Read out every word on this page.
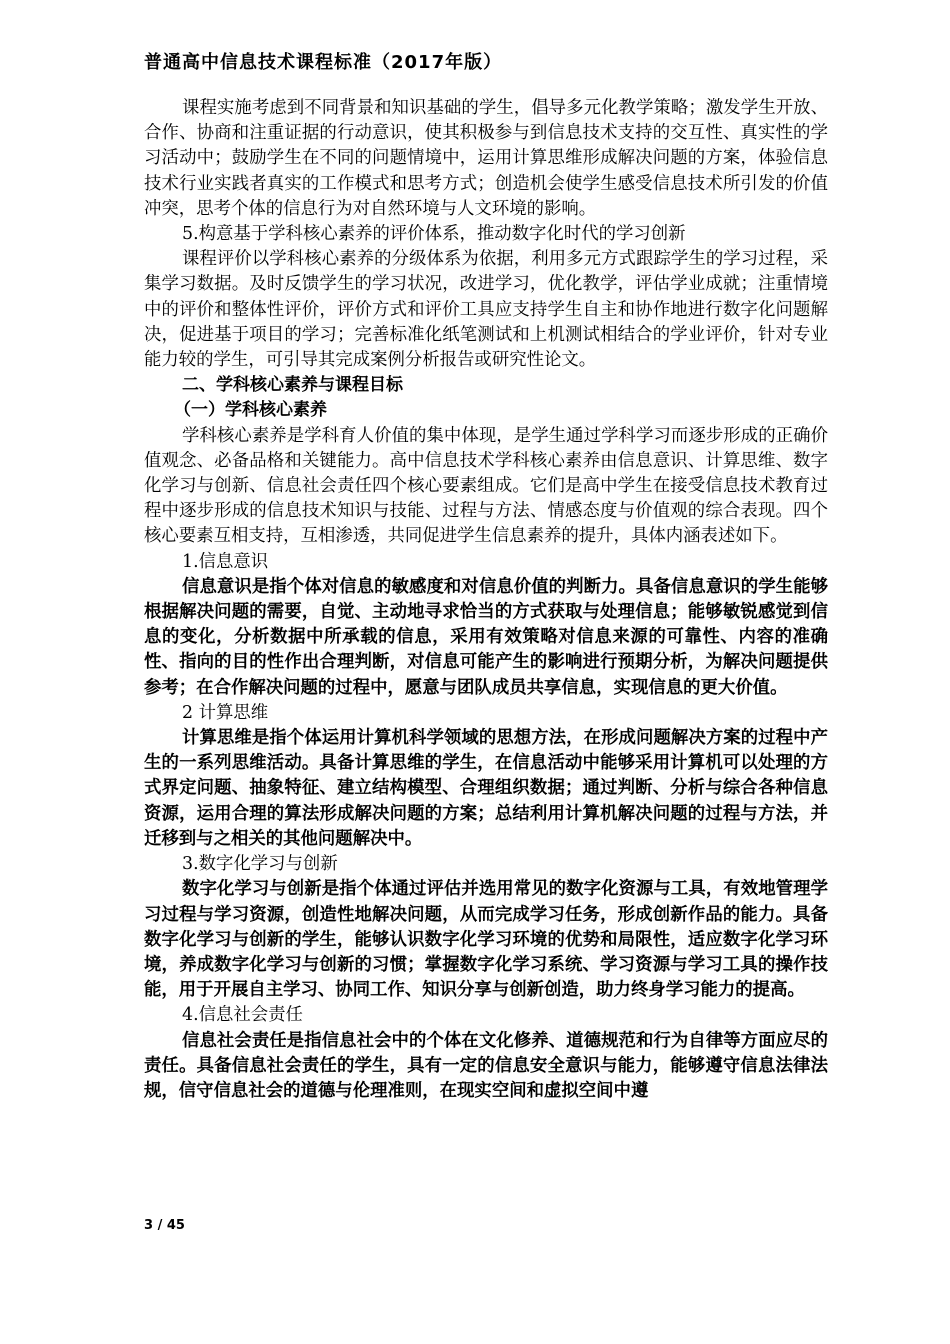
普通高中信息技术课程标准（2017年版）

课程实施考虑到不同背景和知识基础的学生，倡导多元化教学策略；激发学生开放、合作、协商和注重证据的行动意识，使其积极参与到信息技术支持的交互性、真实性的学习活动中；鼓励学生在不同的问题情境中，运用计算思维形成解决问题的方案，体验信息技术行业实践者真实的工作模式和思考方式；创造机会使学生感受信息技术所引发的价值冲突，思考个体的信息行为对自然环境与人文环境的影响。

5.构意基于学科核心素养的评价体系，推动数字化时代的学习创新

课程评价以学科核心素养的分级体系为依据，利用多元方式跟踪学生的学习过程，采集学习数据。及时反馈学生的学习状况，改进学习，优化教学，评估学业成就；注重情境中的评价和整体性评价，评价方式和评价工具应支持学生自主和协作地进行数字化问题解决，促进基于项目的学习；完善标准化纸笔测试和上机测试相结合的学业评价，针对专业能力较的学生，可引导其完成案例分析报告或研究性论文。

二、学科核心素养与课程目标

（一）学科核心素养

学科核心素养是学科育人价值的集中体现，是学生通过学科学习而逐步形成的正确价值观念、必备品格和关键能力。高中信息技术学科核心素养由信息意识、计算思维、数字化学习与创新、信息社会责任四个核心要素组成。它们是高中学生在接受信息技术教育过程中逐步形成的信息技术知识与技能、过程与方法、情感态度与价值观的综合表现。四个核心要素互相支持，互相渗透，共同促进学生信息素养的提升，具体内涵表述如下。

1.信息意识

信息意识是指个体对信息的敏感度和对信息价值的判断力。具备信息意识的学生能够根据解决问题的需要，自觉、主动地寻求恰当的方式获取与处理信息；能够敏锐感觉到信息的变化，分析数据中所承载的信息，采用有效策略对信息来源的可靠性、内容的准确性、指向的目的性作出合理判断，对信息可能产生的影响进行预期分析，为解决问题提供参考；在合作解决问题的过程中，愿意与团队成员共享信息，实现信息的更大价值。

2 计算思维

计算思维是指个体运用计算机科学领域的思想方法，在形成问题解决方案的过程中产生的一系列思维活动。具备计算思维的学生，在信息活动中能够采用计算机可以处理的方式界定问题、抽象特征、建立结构模型、合理组织数据；通过判断、分析与综合各种信息资源，运用合理的算法形成解决问题的方案；总结利用计算机解决问题的过程与方法，并迁移到与之相关的其他问题解决中。

3.数字化学习与创新

数字化学习与创新是指个体通过评估并选用常见的数字化资源与工具，有效地管理学习过程与学习资源，创造性地解决问题，从而完成学习任务，形成创新作品的能力。具备数字化学习与创新的学生，能够认识数字化学习环境的优势和局限性，适应数字化学习环境，养成数字化学习与创新的习惯；掌握数字化学习系统、学习资源与学习工具的操作技能，用于开展自主学习、协同工作、知识分享与创新创造，助力终身学习能力的提高。

4.信息社会责任

信息社会责任是指信息社会中的个体在文化修养、道德规范和行为自律等方面应尽的责任。具备信息社会责任的学生，具有一定的信息安全意识与能力，能够遵守信息法律法规，信守信息社会的道德与伦理准则，在现实空间和虚拟空间中遵

3 / 45
